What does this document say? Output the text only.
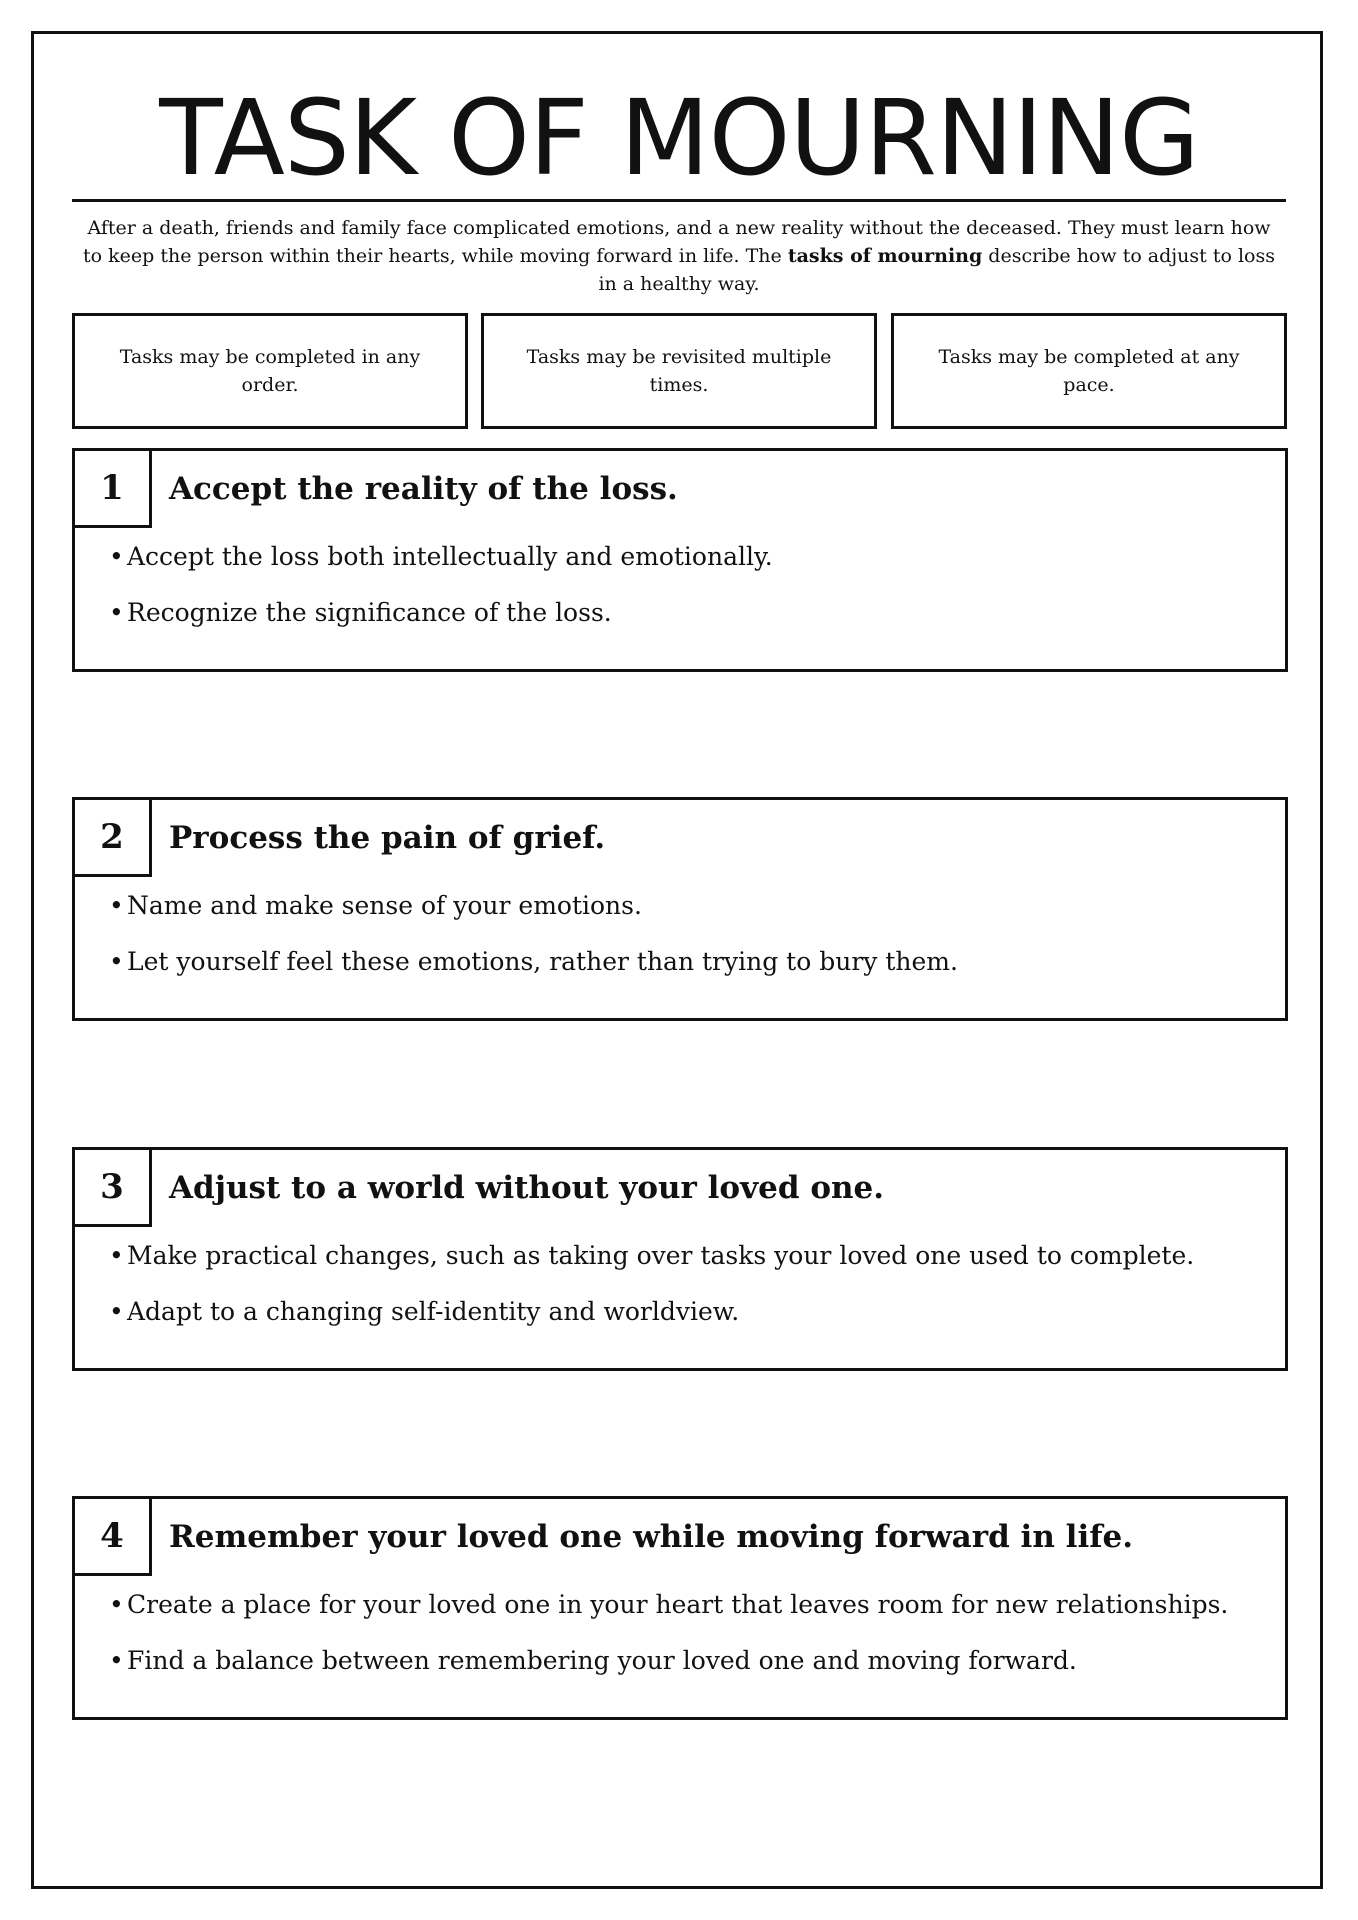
TASK OF MOURNING
After a death, friends and family face complicated emotions, and a new reality without the deceased. They must learn how to keep the person within their hearts, while moving forward in life. The tasks of mourning describe how to adjust to loss in a healthy way.
Tasks may be completed in any order.
Tasks may be revisited multiple times.
Tasks may be completed at any pace.
1	Accept the reality of the loss.
• Accept the loss both intellectually and emotionally.
• Recognize the significance of the loss.
2	Process the pain of grief.
• Name and make sense of your emotions.
• Let yourself feel these emotions, rather than trying to bury them.
3	Adjust to a world without your loved one.
• Make practical changes, such as taking over tasks your loved one used to complete.
• Adapt to a changing self-identity and worldview.
4	Remember your loved one while moving forward in life.
• Create a place for your loved one in your heart that leaves room for new relationships.
• Find a balance between remembering your loved one and moving forward.
